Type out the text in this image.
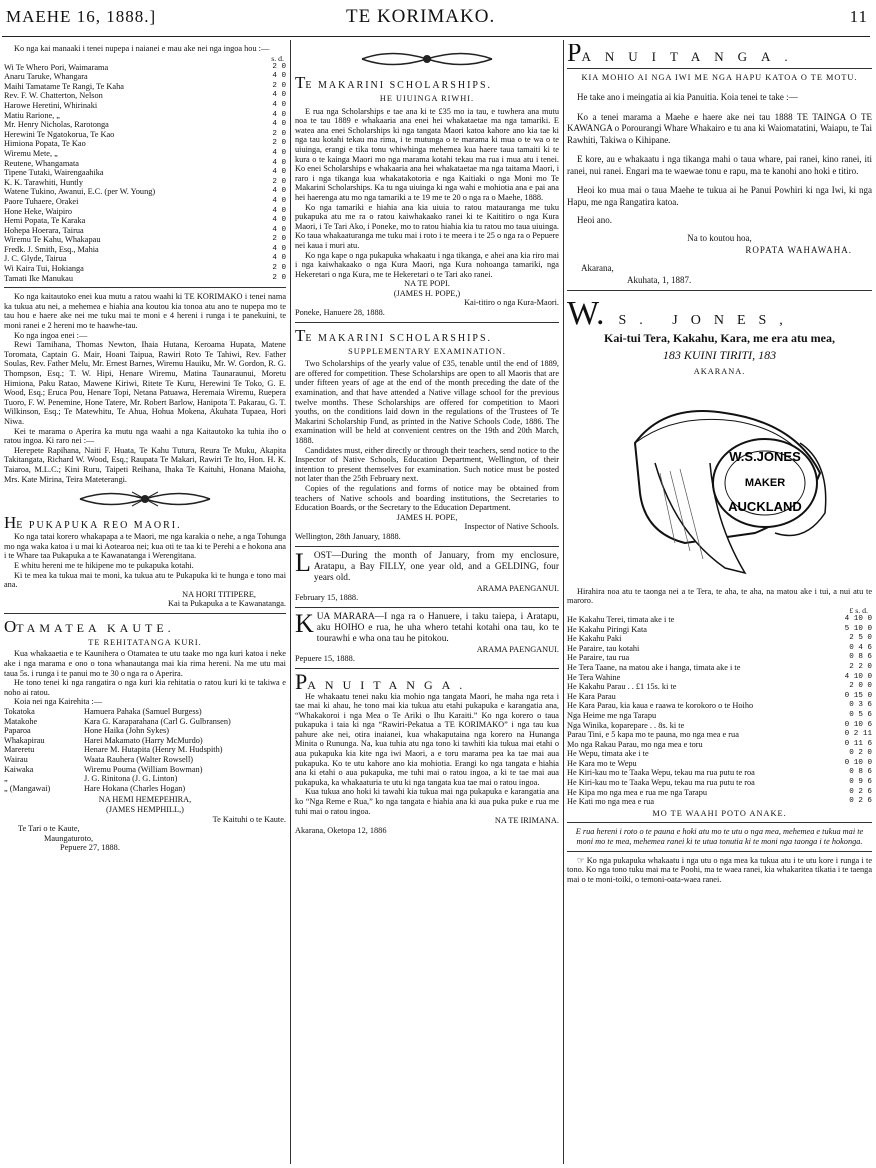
MAEHE 16, 1888.]	TE KORIMAKO.	11

Ko nga kai manaaki i tenei nupepa i naianei e mau ake nei nga ingoa hou :—

s. d.
Wi Te Whero Pori, Waimarama	2 0
Anaru Taruke, Whangara	4 0
Maihi Tamatame Te Rangi, Te Kaha	2 0
Rev. F. W. Chatterton, Nelson	4 0
Harowe Heretini, Whirinaki	4 0
Matiu Rarione, „	4 0
Mr. Henry Nicholas, Rarotonga	4 0
Herewini Te Ngatokorua, Te Kao	2 0
Himiona Popata, Te Kao	2 0
Wiremu Mete, „	4 0
Reutene, Whangamata	4 0
Tipene Tutaki, Wairengaahika	4 0
K. K. Tarawhiti, Huntly	2 0
Watene Tukino, Awanui, E.C. (per W. Young)	4 0
Paore Tuhaere, Orakei	4 0
Hone Heke, Waipiro	4 0
Hemi Popata, Te Karaka	4 0
Hohepa Hoerara, Tairua	4 0
Wiremu Te Kahu, Whakapau	2 0
Fredk. J. Smith, Esq., Mahia	4 0
J. C. Glyde, Tairua	4 0
Wi Kaira Tui, Hokianga	2 0
Tamati Ike Manukau	2 0

Ko nga kaitautoko enei kua mutu a ratou waahi ki TE KORIMAKO i tenei nama ka tukua atu nei, a mehemea e hiahia ana koutou kia tonoa atu ano te nupepa mo te tau hou e haere ake nei me tuku mai te moni e 4 hereni i runga i te panekuini, te moni ranei e 2 hereni mo te haawhe-tau.

Ko nga ingoa enei :—

Rewi Tamihana, Thomas Newton, Ihaia Hutana, Keroama Hupata, Matene Toromata, Captain G. Mair, Hoani Taipua, Rawiri Roto Te Tahiwi, Rev. Father Soulas, Rev. Father Melu, Mr. Ernest Barnes, Wiremu Hauiku, Mr. W. Gordon, R. G. Thompson, Esq.; T. W. Hipi, Henare Wiremu, Matina Taunaraunui, Moretu Himiona, Paku Ratao, Mawene Kiriwi, Ritete Te Kuru, Herewini Te Toko, G. E. Wood, Esq.; Eruca Pou, Henare Topi, Netana Patuawa, Heremaia Wiremu, Ruepera Tuoro, F. W. Penemine, Hone Tatere, Mr. Robert Barlow, Hanipota T. Pakarau, G. T. Wilkinson, Esq.; Te Matewhitu, Te Ahua, Hohua Mokena, Akuhata Tupaea, Hori Niwa.

Kei te marama o Aperira ka mutu nga waahi a nga Kaitautoko ka tuhia iho o ratou ingoa. Ki raro nei :—

Herepete Rapihana, Naiti F. Huata, Te Kahu Tutura, Reura Te Muku, Akapita Takitangata, Richard W. Wood, Esq.; Raupata Te Makari, Rawiri Te Ito, Hon. H. K. Taiaroa, M.L.C.; Kini Ruru, Taipeti Reihana, Ihaka Te Kaituhi, Honana Maioha, Mrs. Kate Mirina, Teira Mateterangi.

HE PUKAPUKA REO MAORI.

Ko nga tatai korero whakapapa a te Maori, me nga karakia o nehe, a nga Tohunga mo nga waka katoa i u mai ki Aotearoa nei; kua oti te taa ki te Perehi a e hokona ana i te Whare taa Pukapuka a te Kawanatanga i Werengitana.

E whitu hereni me te hikipene mo te pukapuka kotahi.

Ki te mea ka tukua mai te moni, ka tukua atu te Pukapuka ki te hunga e tono mai ana.

NA HORI TITIPERE,

Kai ta Pukapuka a te Kawanatanga.

OTAMATEA KAUTE.

TE REHITATANGA KURI.

Kua whakaaetia e te Kaunihera o Otamatea te utu taake mo nga kuri katoa i neke ake i nga marama e ono o tona whanautanga mai kia rima hereni. Na me utu mai taua 5s. i runga i te panui mo te 30 o nga ra o Aperira.

He tono tenei ki nga rangatira o nga kuri kia rehitatia o ratou kuri ki te takiwa e noho ai ratou.

Koia nei nga Kairehita :—

Tokatoka	Hamuera Pahaka (Samuel Burgess)
Matakohe	Kara G. Karaparahana (Carl G. Gulbransen)
Paparoa	Hone Haika (John Sykes)
Whakapirau	Harei Makamato (Harry McMurdo)
Mareretu	Henare M. Hutapita (Henry M. Hudspith)
Wairau	Waata Rauhera (Walter Rowsell)
Kaiwaka	Wiremu Pouma (William Bowman)
„	J. G. Rinitona (J. G. Linton)
„ (Mangawai)	Hare Hokana (Charles Hogan)

NA HEMI HEMEPEHIRA,

(JAMES HEMPHILL,)

Te Kaituhi o te Kaute.

Te Tari o te Kaute,

Maungaturoto,

Pepuere 27, 1888.

TE MAKARINI SCHOLARSHIPS.

HE UIUINGA RIWHI.

E rua nga Scholarships e tae ana ki te £35 mo ia tau, e tuwhera ana mutu noa te tau 1889 e whakaaria ana enei hei whakataetae ma nga tamariki. E watea ana enei Scholarships ki nga tangata Maori katoa kahore ano kia tae ki nga tau kotahi tekau ma rima, i te mutunga o te marama ki mua o te wa o te uiuinga, erangi e tika tonu whiwhinga mehemea kua haere taua tamaiti ki te kura o te kainga Maori mo nga marama kotahi tekau ma rua i mua atu i tenei. Ko enei Scholarships e whakaaria ana hei whakataetae ma nga taitama Maori, i raro i nga tikanga kua whakatakotoria e nga Kaitiaki o nga Moni mo Te Makarini Scholarships. Ka tu nga uiuinga ki nga wahi e mohiotia ana e pai ana hei haerenga atu mo nga tamariki a te 19 me te 20 o nga ra o Maehe, 1888.

Ko nga tamariki e hiahia ana kia uiuia to ratou matauranga me tuku pukapuka atu me ra o ratou kaiwhakaako ranei ki te Kaititiro o nga Kura Maori, i Te Tari Ako, i Poneke, mo to ratou hiahia kia tu ratou mo taua uiuinga. Ko taua whakaaturanga me tuku mai i roto i te meera i te 25 o nga ra o Pepuere nei kaua i muri atu.

Ko nga kape o nga pukapuka whakaatu i nga tikanga, e ahei ana kia riro mai i nga kaiwhakaako o nga Kura Maori, nga Kura nohoanga tamariki, nga Hekeretari o nga Kura, me te Hekeretari o te Tari ako ranei.

NA TE POPI.

(JAMES H. POPE,)

Kai-titiro o nga Kura-Maori.

Poneke, Hanuere 28, 1888.

TE MAKARINI SCHOLARSHIPS.

SUPPLEMENTARY EXAMINATION.

Two Scholarships of the yearly value of £35, tenable until the end of 1889, are offered for competition. These Scholarships are open to all Maoris that are under fifteen years of age at the end of the month preceding the date of the examination, and that have attended a Native village school for the previous twelve months. These Scholarships are offered for competition to Maori youths, on the conditions laid down in the regulations of the Trustees of Te Makarini Scholarship Fund, as printed in the Native Schools Code, 1886. The examination will be held at convenient centres on the 19th and 20th March, 1888.

Candidates must, either directly or through their teachers, send notice to the Inspector of Native Schools, Education Department, Wellington, of their intention to present themselves for examination. Such notice must be posted not later than the 25th February next.

Copies of the regulations and forms of notice may be obtained from teachers of Native schools and boarding institutions, the Secretaries to Education Boards, or the Secretary to the Education Department.

JAMES H. POPE,

Inspector of Native Schools.

Wellington, 28th January, 1888.

LOST—During the month of January, from my enclosure, Aratapu, a Bay FILLY, one year old, and a GELDING, four years old.

ARAMA PAENGANUI.

February 15, 1888.

KUA MARARA—I nga ra o Hanuere, i taku taiepa, i Aratapu, aku HOIHO e rua, he uha whero tetahi kotahi ona tau, ko te tourawhi e wha ona tau he pitokou.

ARAMA PAENGANUI.

Pepuere 15, 1888.

PANUITANGA.

He whakaatu tenei naku kia mohio nga tangata Maori, he maha nga reta i tae mai ki ahau, he tono mai kia tukua atu etahi pukapuka e karangatia ana, “Whakakoroi i nga Mea o Te Ariki o Ihu Karaiti.” Ko nga korero o taua pukapuka i taia ki nga “Rawiri-Pekatua a TE KORIMAKO” i nga tau kua pahure ake nei, otira inaianei, kua whakaputaina nga korero na Hunanga Minita o Rununga. Na, kua tuhia atu nga tono ki tawhiti kia tukua mai etahi o aua pukapuka kia kite nga iwi Maori, a e toru marama pea ka tae mai aua pukapuka. Ko te utu kahore ano kia mohiotia. Erangi ko nga tangata e hiahia ana ki etahi o aua pukapuka, me tuhi mai o ratou ingoa, a ki te tae mai aua pukapuka, ka whakaaturia te utu ki nga tangata kua tae mai o ratou ingoa.

Kua tukua ano hoki ki tawahi kia tukua mai nga pukapuka e karangatia ana ko “Nga Reme e Rua,” ko nga tangata e hiahia ana ki aua puka puke e rua me tuhi mai o ratou ingoa.

NA TE IRIMANA.

Akarana, Oketopa 12, 1886

PANUITANGA.

KIA MOHIO AI NGA IWI ME NGA HAPU KATOA O TE MOTU.

He take ano i meingatia ai kia Panuitia. Koia tenei te take :—

Ko a tenei marama a Maehe e haere ake nei tau 1888 TE TAINGA O TE KAWANGA o Porourangi Whare Whakairo e tu ana ki Waiomatatini, Waiapu, te Tai Rawhiti, Takiwa o Kihipane.

E kore, au e whakaatu i nga tikanga mahi o taua whare, pai ranei, kino ranei, iti ranei, nui ranei. Engari ma te waewae tonu e rapu, ma te kanohi ano hoki e titiro.

Heoi ko mua mai o taua Maehe te tukua ai he Panui Powhiri ki nga Iwi, ki nga Hapu, me nga Rangatira katoa.

Heoi ano.

Na to koutou hoa,

ROPATA WAHAWAHA.

Akarana,

Akuhata, 1, 1887.

W. S. JONES,

Kai-tui Tera, Kakahu, Kara, me era atu mea,

183 KUINI TIRITI, 183

AKARANA.

W.S.JONES
MAKER
AUCKLAND

Hirahira noa atu te taonga nei a te Tera, te aha, te aha, na matou ake i tui, a nui atu te maroro.

£ s. d.
He Kakahu Terei, timata ake i te	4 10 0
He Kakahu Piringi Kata	5 10 0
He Kakahu Paki	2 5 0
He Paraire, tau kotahi	0 4 6
He Paraire, tau rua	0 8 6
He Tera Taane, na matou ake i hanga, timata ake i te	2 2 0
He Tera Wahine	4 10 0
He Kakahu Parau . . £1 15s. ki te	2 0 0
He Kara Parau	0 15 0
He Kara Parau, kia kaua e raawa te korokoro o te Hoiho	0 3 6
Nga Heime me nga Tarapu	0 5 6
Nga Winika, koparepare . . 8s. ki te	0 10 6
Parau Tini, e 5 kapa mo te pauna, mo nga mea e rua	0 2 11
Mo nga Rakau Parau, mo nga mea e toru	0 11 6
He Wepu, timata ake i te	0 2 0
He Kara mo te Wepu	0 10 0
He Kiri-kau mo te Taaka Wepu, tekau ma rua putu te roa	0 8 6
He Kiri-kau mo te Taaka Wepu, tekau ma rua putu te roa	0 9 6
He Kipa mo nga mea e rua me nga Tarapu	0 2 6
He Kati mo nga mea e rua	0 2 6

MO TE WAAHI POTO ANAKE.

E rua hereni i roto o te pauna e hoki atu mo te utu o nga mea, mehemea e tukua mai te moni mo te mea, mehemea ranei ki te utua tonutia ki te moni nga taonga i te hokonga.

☞ Ko nga pukapuka whakaatu i nga utu o nga mea ka tukua atu i te utu kore i runga i te tono. Ko nga tono tuku mai ma te Poohi, ma te waea ranei, kia whakaritea tikatia i te taenga mai o te moni-toiki, o temoni-oata-waea ranei.
